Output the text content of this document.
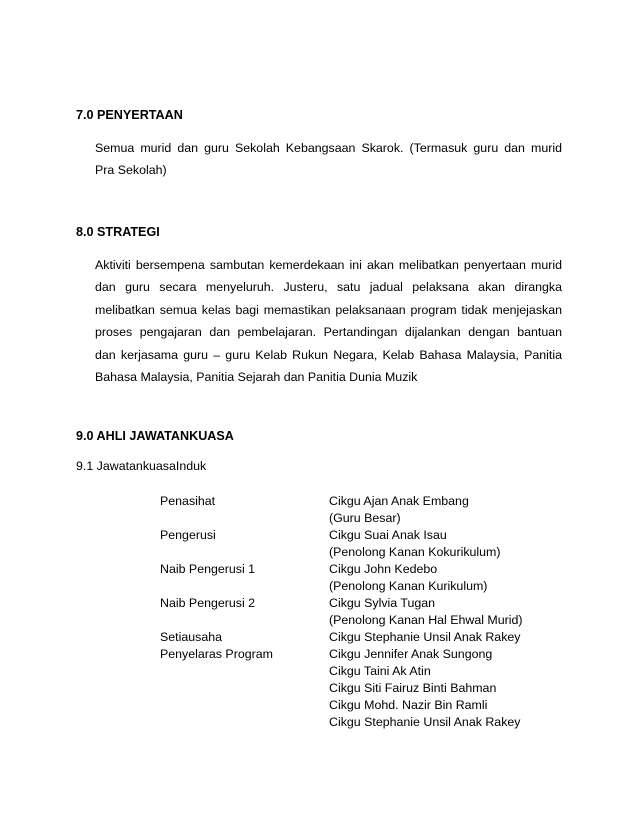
7.0 PENYERTAAN
Semua murid dan guru Sekolah Kebangsaan Skarok. (Termasuk guru dan murid
Pra Sekolah)
8.0 STRATEGI
Aktiviti bersempena sambutan kemerdekaan ini akan melibatkan penyertaan murid
dan guru secara menyeluruh. Justeru, satu jadual pelaksana akan dirangka
melibatkan semua kelas bagi memastikan pelaksanaan program tidak menjejaskan
proses pengajaran dan pembelajaran. Pertandingan dijalankan dengan bantuan
dan kerjasama guru – guru Kelab Rukun Negara, Kelab Bahasa Malaysia, Panitia
Bahasa Malaysia, Panitia Sejarah dan Panitia Dunia Muzik
9.0 AHLI JAWATANKUASA
9.1 JawatankuasaInduk
Penasihat
Pengerusi
Naib Pengerusi 1
Naib Pengerusi 2
Setiausaha
Penyelaras Program
Cikgu Ajan Anak Embang
(Guru Besar)
Cikgu Suai Anak Isau
(Penolong Kanan Kokurikulum)
Cikgu John Kedebo
(Penolong Kanan Kurikulum)
Cikgu Sylvia Tugan
(Penolong Kanan Hal Ehwal Murid)
Cikgu Stephanie Unsil Anak Rakey
Cikgu Jennifer Anak Sungong
Cikgu Taini Ak Atin
Cikgu Siti Fairuz Binti Bahman
Cikgu Mohd. Nazir Bin Ramli
Cikgu Stephanie Unsil Anak Rakey
